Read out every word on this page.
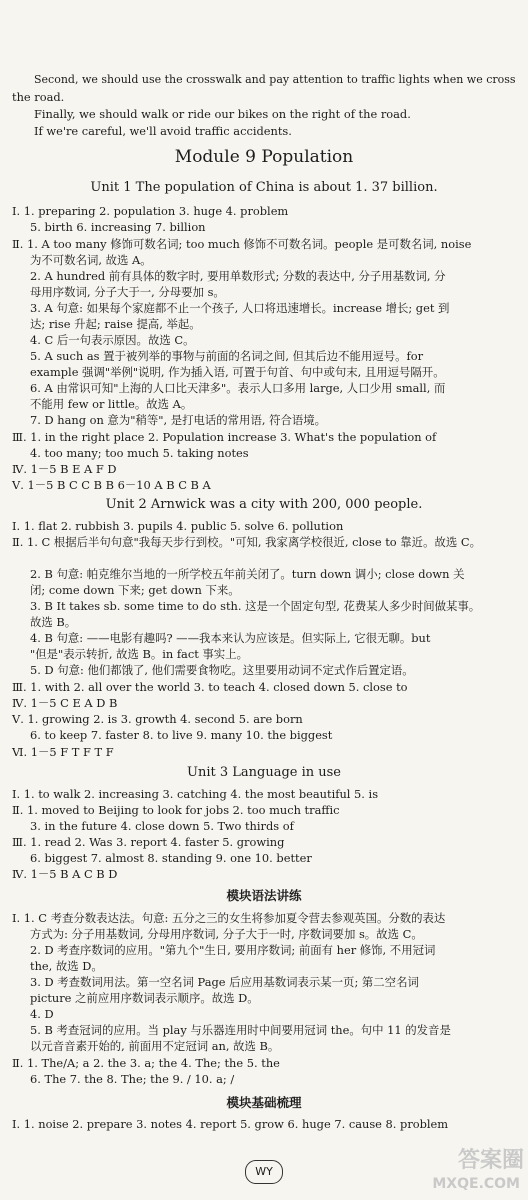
Second, we should use the crosswalk and pay attention to traffic lights when we cross
the road.
Finally, we should walk or ride our bikes on the right of the road.
If we're careful, we'll avoid traffic accidents.
Module 9 Population
Unit 1 The population of China is about 1. 37 billion.
Ⅰ. 1. preparing 2. population 3. huge 4. problem
5. birth 6. increasing 7. billion
Ⅱ. 1. A too many 修饰可数名词; too much 修饰不可数名词。people 是可数名词, noise
为不可数名词, 故选 A。
2. A hundred 前有具体的数字时, 要用单数形式; 分数的表达中, 分子用基数词, 分
母用序数词, 分子大于一, 分母要加 s。
3. A 句意: 如果每个家庭都不止一个孩子, 人口将迅速增长。increase 增长; get 到
达; rise 升起; raise 提高, 举起。
4. C 后一句表示原因。故选 C。
5. A such as 置于被列举的事物与前面的名词之间, 但其后边不能用逗号。for
example 强调"举例"说明, 作为插入语, 可置于句首、句中或句末, 且用逗号隔开。
6. A 由常识可知"上海的人口比天津多"。表示人口多用 large, 人口少用 small, 而
不能用 few or little。故选 A。
7. D hang on 意为"稍等", 是打电话的常用语, 符合语境。
Ⅲ. 1. in the right place 2. Population increase 3. What's the population of
4. too many; too much 5. taking notes
Ⅳ. 1－5 B E A F D
Ⅴ. 1－5 B C C B B 6－10 A B C B A
Unit 2 Arnwick was a city with 200, 000 people.
Ⅰ. 1. flat 2. rubbish 3. pupils 4. public 5. solve 6. pollution
Ⅱ. 1. C 根据后半句句意"我每天步行到校。"可知, 我家离学校很近, close to 靠近。故选 C。
2. B 句意: 帕克维尔当地的一所学校五年前关闭了。turn down 调小; close down 关
闭; come down 下来; get down 下来。
3. B It takes sb. some time to do sth. 这是一个固定句型, 花费某人多少时间做某事。
故选 B。
4. B 句意: ——电影有趣吗? ——我本来认为应该是。但实际上, 它很无聊。but
"但是"表示转折, 故选 B。in fact 事实上。
5. D 句意: 他们都饿了, 他们需要食物吃。这里要用动词不定式作后置定语。
Ⅲ. 1. with 2. all over the world 3. to teach 4. closed down 5. close to
Ⅳ. 1－5 C E A D B
Ⅴ. 1. growing 2. is 3. growth 4. second 5. are born
6. to keep 7. faster 8. to live 9. many 10. the biggest
Ⅵ. 1－5 F T F T F
Unit 3 Language in use
Ⅰ. 1. to walk 2. increasing 3. catching 4. the most beautiful 5. is
Ⅱ. 1. moved to Beijing to look for jobs 2. too much traffic
3. in the future 4. close down 5. Two thirds of
Ⅲ. 1. read 2. Was 3. report 4. faster 5. growing
6. biggest 7. almost 8. standing 9. one 10. better
Ⅳ. 1－5 B A C B D
模块语法讲练
Ⅰ. 1. C 考查分数表达法。句意: 五分之三的女生将参加夏令营去参观英国。分数的表达
方式为: 分子用基数词, 分母用序数词, 分子大于一时, 序数词要加 s。故选 C。
2. D 考查序数词的应用。"第九个"生日, 要用序数词; 前面有 her 修饰, 不用冠词
the, 故选 D。
3. D 考查数词用法。第一空名词 Page 后应用基数词表示某一页; 第二空名词
picture 之前应用序数词表示顺序。故选 D。
4. D
5. B 考查冠词的应用。当 play 与乐器连用时中间要用冠词 the。句中 11 的发音是
以元音音素开始的, 前面用不定冠词 an, 故选 B。
Ⅱ. 1. The/A; a 2. the 3. a; the 4. The; the 5. the
6. The 7. the 8. The; the 9. / 10. a; /
模块基础梳理
Ⅰ. 1. noise 2. prepare 3. notes 4. report 5. grow 6. huge 7. cause 8. problem
WY	答案圈
MXQE.COM
